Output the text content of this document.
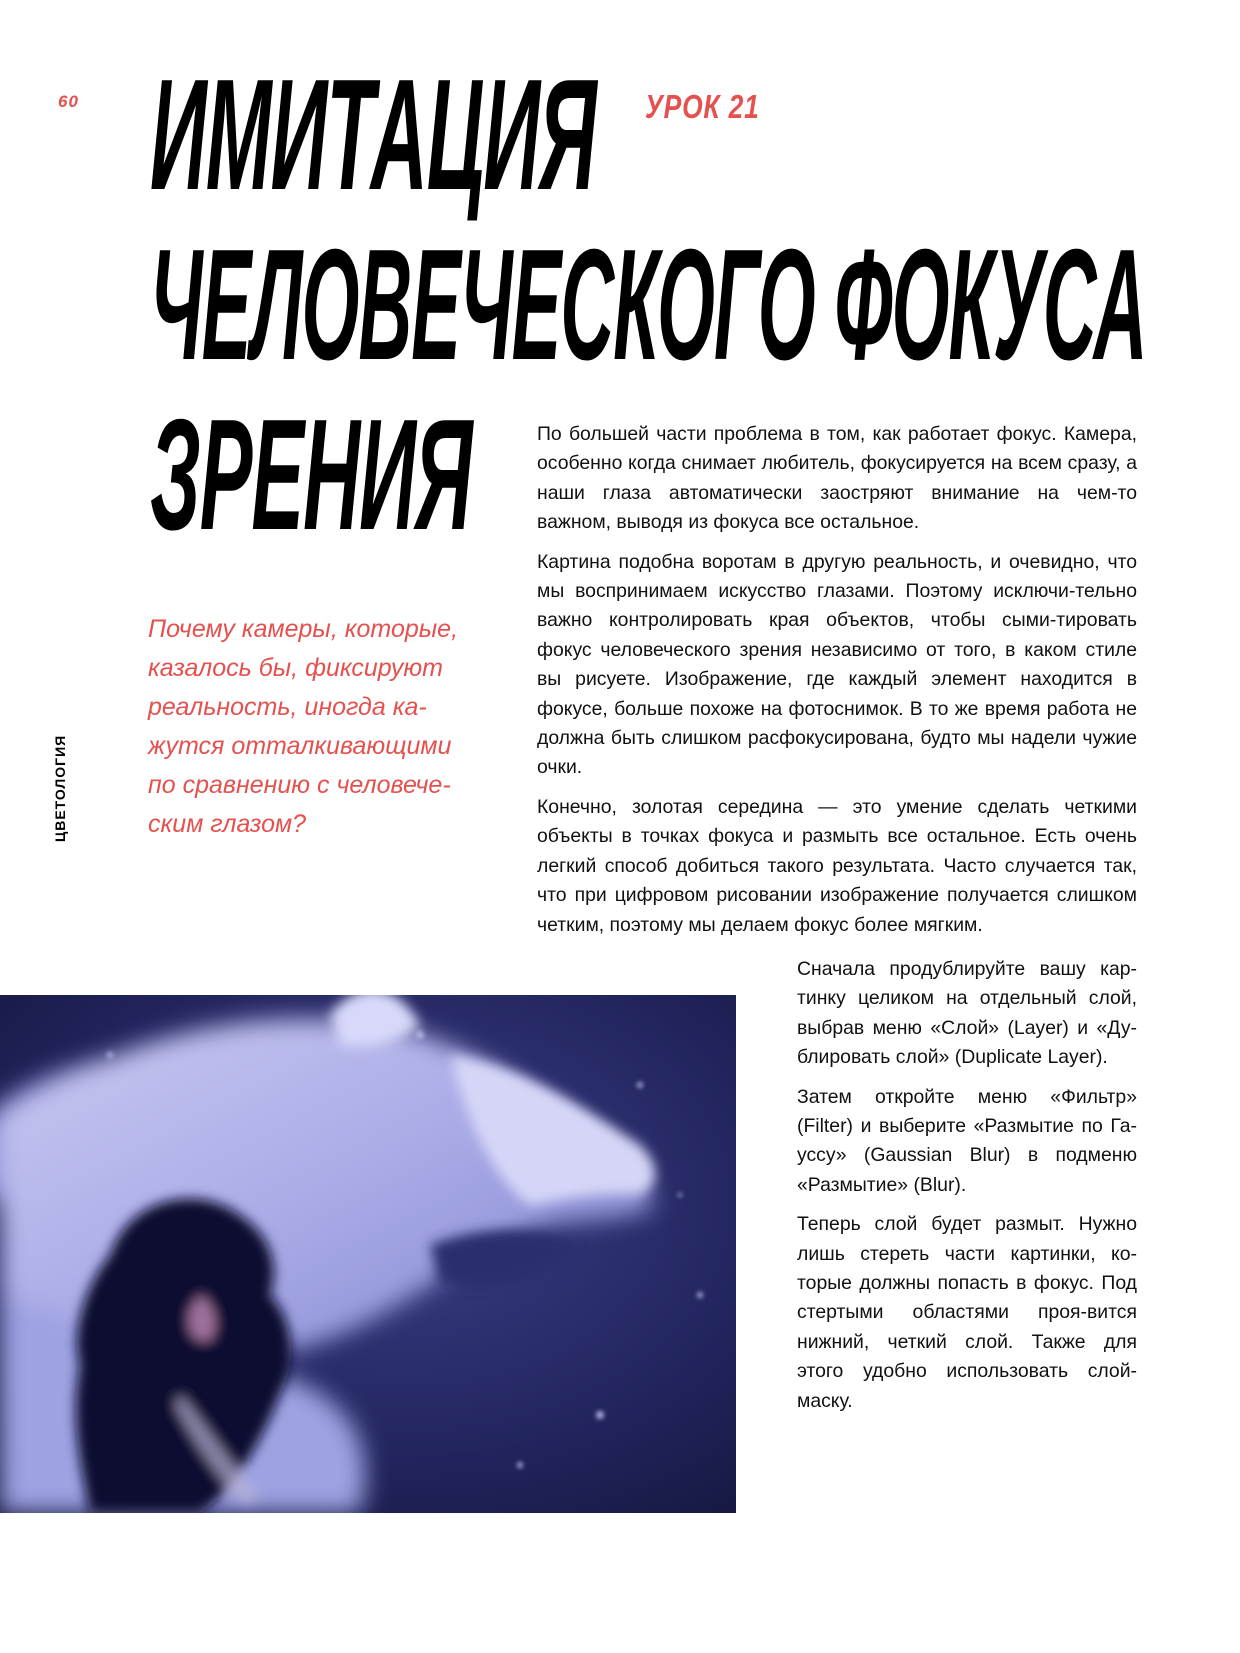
60	УРОК 21
ИМИТАЦИЯ
ЧЕЛОВЕЧЕСКОГО ФОКУСА
ЗРЕНИЯ
ЦВЕТОЛОГИЯ

Почему камеры, которые,
казалось бы, фиксируют
реальность, иногда ка-
жутся отталкивающими
по сравнению с человече-
ским глазом?

По большей части проблема в том, как работает фокус. Камера, особенно когда снимает любитель, фокусируется на всем сразу, а наши глаза автоматически заостряют внимание на чем-то важном, выводя из фокуса все остальное.

Картина подобна воротам в другую реальность, и очевидно, что мы воспринимаем искусство глазами. Поэтому исключи-тельно важно контролировать края объектов, чтобы сыми-тировать фокус человеческого зрения независимо от того, в каком стиле вы рисуете. Изображение, где каждый элемент находится в фокусе, больше похоже на фотоснимок. В то же время работа не должна быть слишком расфокусирована, будто мы надели чужие очки.

Конечно, золотая середина — это умение сделать четкими объекты в точках фокуса и размыть все остальное. Есть очень легкий способ добиться такого результата. Часто случается так, что при цифровом рисовании изображение получается слишком четким, поэтому мы делаем фокус более мягким.

Сначала продублируйте вашу кар-тинку целиком на отдельный слой, выбрав меню «Слой» (Layer) и «Ду-блировать слой» (Duplicate Layer).

Затем откройте меню «Фильтр» (Filter) и выберите «Размытие по Га-уссу» (Gaussian Blur) в подменю «Размытие» (Blur).

Теперь слой будет размыт. Нужно лишь стереть части картинки, ко-торые должны попасть в фокус. Под стертыми областями проя-вится нижний, четкий слой. Также для этого удобно использовать слой-маску.
